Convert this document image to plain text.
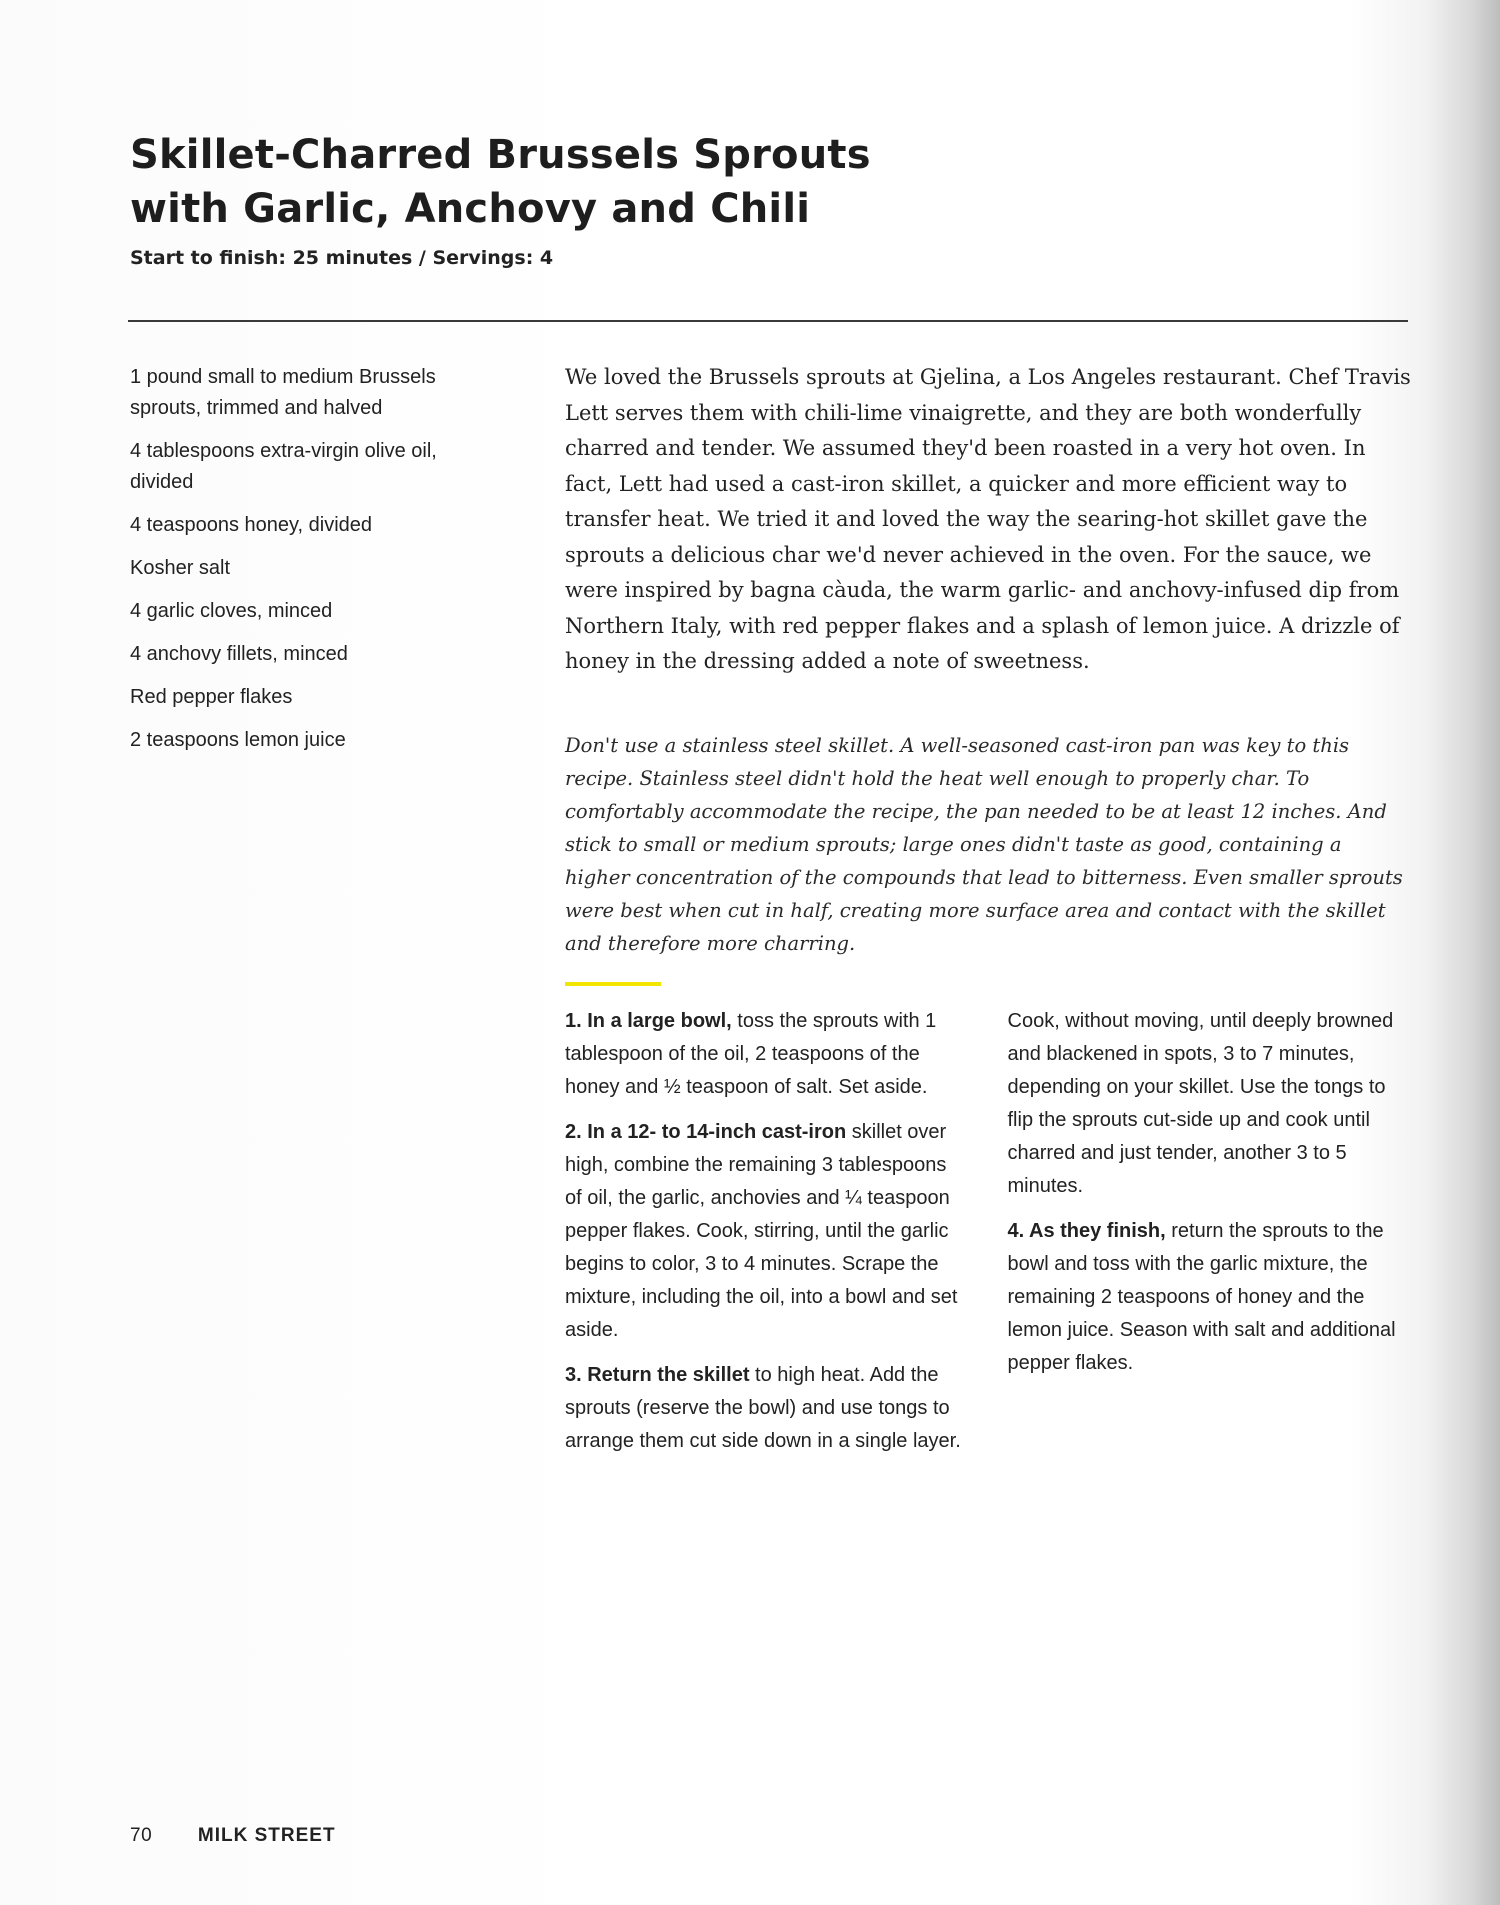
Skillet-Charred Brussels Sprouts
with Garlic, Anchovy and Chili
Start to finish: 25 minutes / Servings: 4
1 pound small to medium Brussels sprouts, trimmed and halved
4 tablespoons extra-virgin olive oil, divided
4 teaspoons honey, divided
Kosher salt
4 garlic cloves, minced
4 anchovy fillets, minced
Red pepper flakes
2 teaspoons lemon juice

We loved the Brussels sprouts at Gjelina, a Los Angeles restaurant. Chef Travis Lett serves them with chili-lime vinaigrette, and they are both wonderfully charred and tender. We assumed they'd been roasted in a very hot oven. In fact, Lett had used a cast-iron skillet, a quicker and more efficient way to transfer heat. We tried it and loved the way the searing-hot skillet gave the sprouts a delicious char we'd never achieved in the oven. For the sauce, we were inspired by bagna càuda, the warm garlic- and anchovy-infused dip from Northern Italy, with red pepper flakes and a splash of lemon juice. A drizzle of honey in the dressing added a note of sweetness.

Don't use a stainless steel skillet. A well-seasoned cast-iron pan was key to this recipe. Stainless steel didn't hold the heat well enough to properly char. To comfortably accommodate the recipe, the pan needed to be at least 12 inches. And stick to small or medium sprouts; large ones didn't taste as good, containing a higher concentration of the compounds that lead to bitterness. Even smaller sprouts were best when cut in half, creating more surface area and contact with the skillet and therefore more charring.

1. In a large bowl, toss the sprouts with 1 tablespoon of the oil, 2 teaspoons of the honey and ½ teaspoon of salt. Set aside.

2. In a 12- to 14-inch cast-iron skillet over high, combine the remaining 3 tablespoons of oil, the garlic, anchovies and ¼ teaspoon pepper flakes. Cook, stirring, until the garlic begins to color, 3 to 4 minutes. Scrape the mixture, including the oil, into a bowl and set aside.

3. Return the skillet to high heat. Add the sprouts (reserve the bowl) and use tongs to arrange them cut side down in a single layer. Cook, without moving, until deeply browned and blackened in spots, 3 to 7 minutes, depending on your skillet. Use the tongs to flip the sprouts cut-side up and cook until charred and just tender, another 3 to 5 minutes.

4. As they finish, return the sprouts to the bowl and toss with the garlic mixture, the remaining 2 teaspoons of honey and the lemon juice. Season with salt and additional pepper flakes.

70 MILK STREET
